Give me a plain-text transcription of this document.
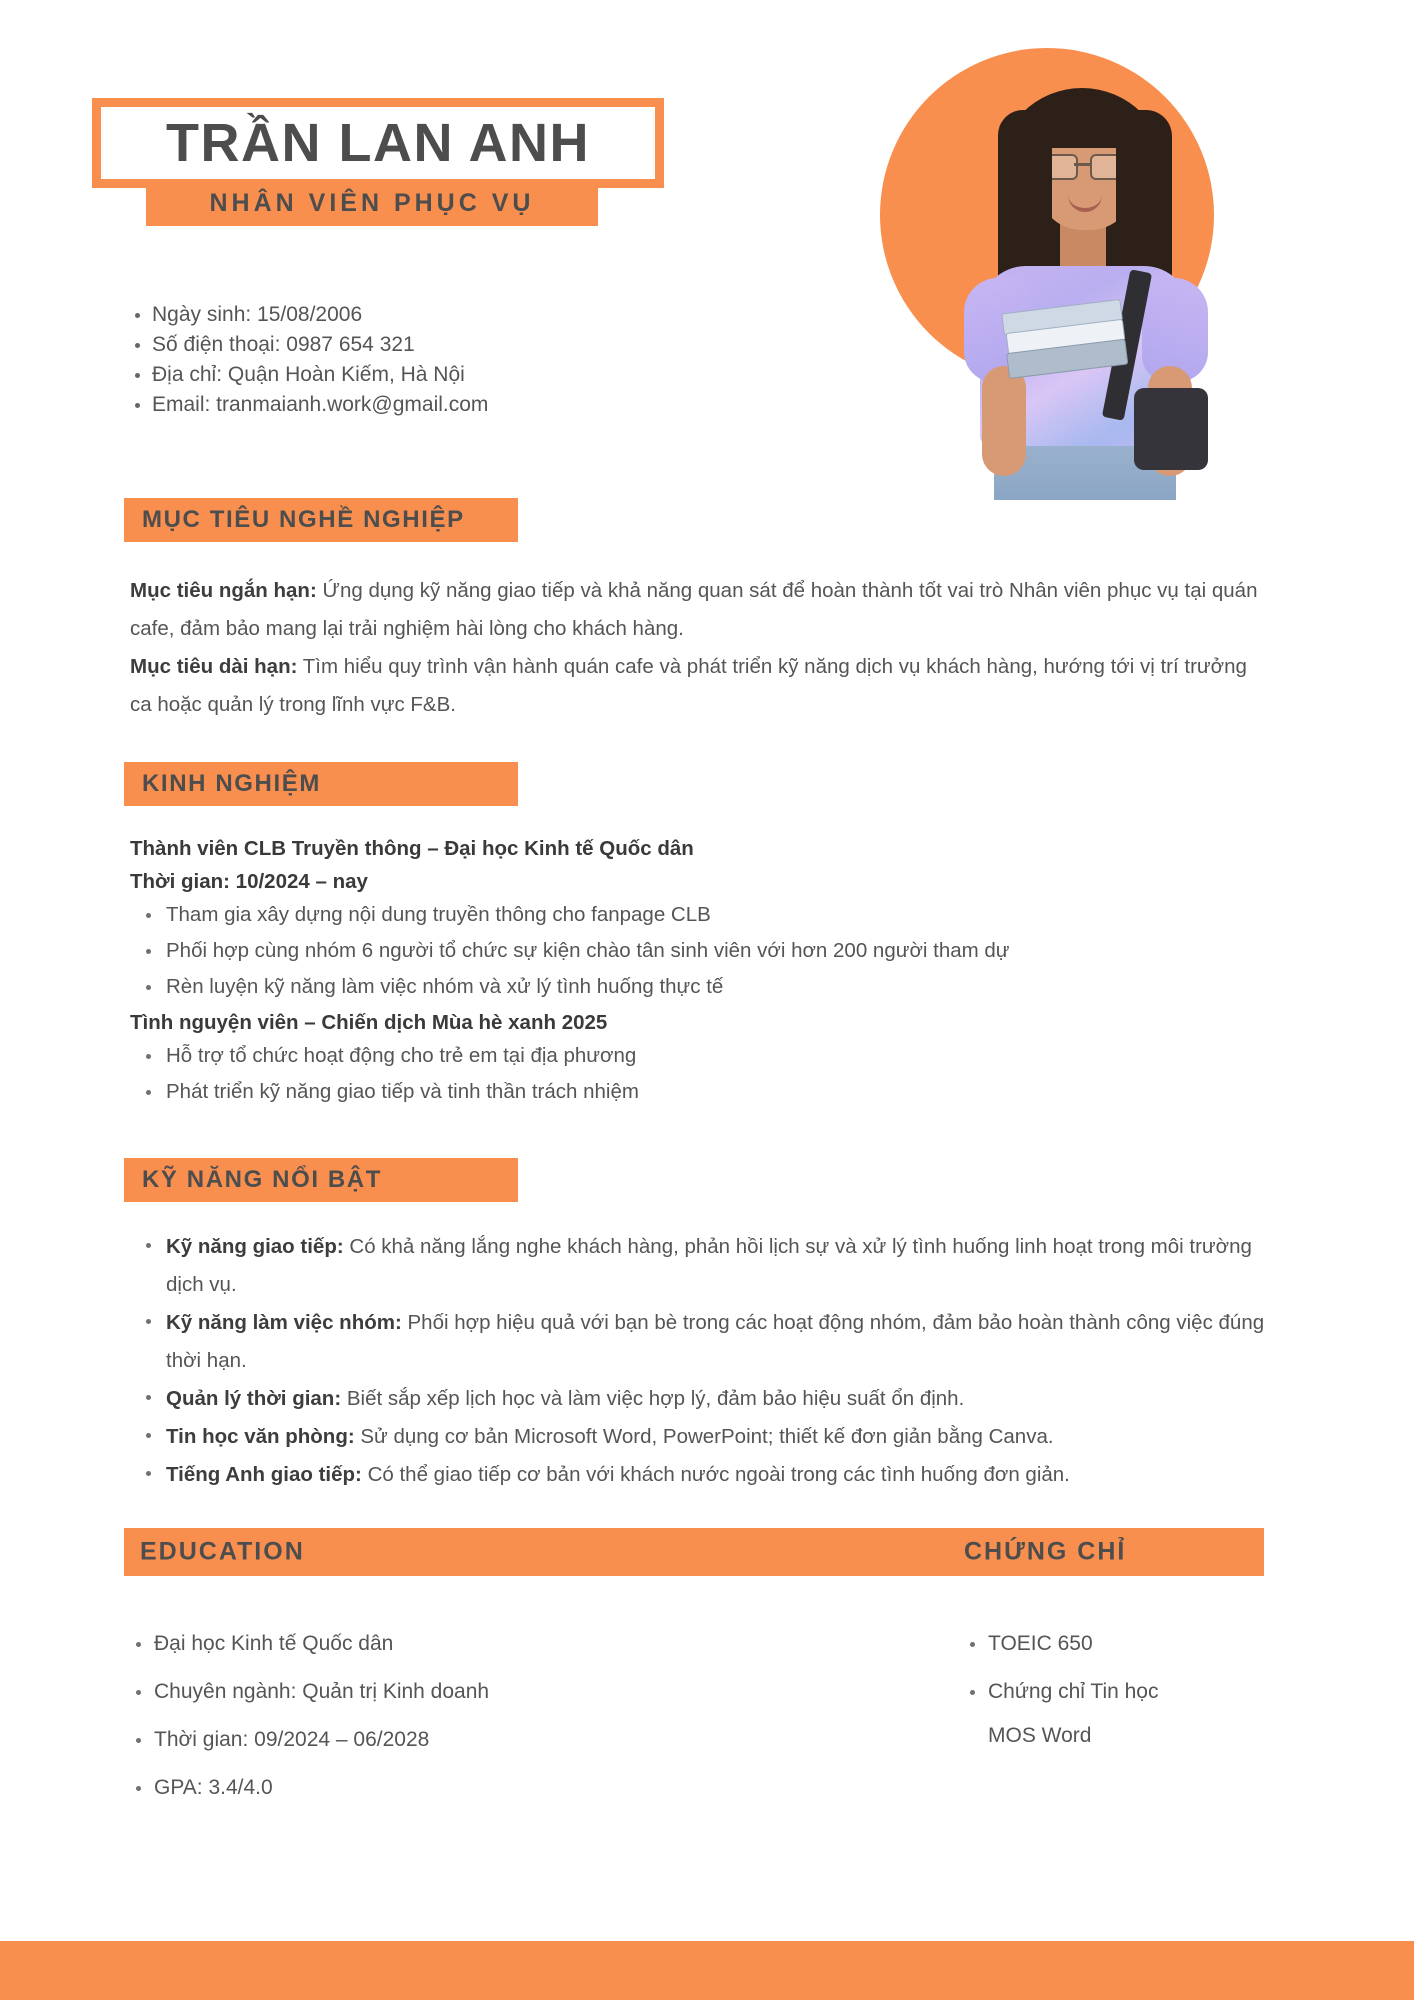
TRẦN LAN ANH
NHÂN VIÊN PHỤC VỤ
Ngày sinh: 15/08/2006
Số điện thoại: 0987 654 321
Địa chỉ: Quận Hoàn Kiếm, Hà Nội
Email: tranmaianh.work@gmail.com
MỤC TIÊU NGHỀ NGHIỆP

Mục tiêu ngắn hạn: Ứng dụng kỹ năng giao tiếp và khả năng quan sát để hoàn thành tốt vai trò Nhân viên phục vụ tại quán cafe, đảm bảo mang lại trải nghiệm hài lòng cho khách hàng.

Mục tiêu dài hạn: Tìm hiểu quy trình vận hành quán cafe và phát triển kỹ năng dịch vụ khách hàng, hướng tới vị trí trưởng ca hoặc quản lý trong lĩnh vực F&B.

KINH NGHIỆM

Thành viên CLB Truyền thông – Đại học Kinh tế Quốc dân

Thời gian: 10/2024 – nay

Tham gia xây dựng nội dung truyền thông cho fanpage CLB
Phối hợp cùng nhóm 6 người tổ chức sự kiện chào tân sinh viên với hơn 200 người tham dự
Rèn luyện kỹ năng làm việc nhóm và xử lý tình huống thực tế

Tình nguyện viên – Chiến dịch Mùa hè xanh 2025

Hỗ trợ tổ chức hoạt động cho trẻ em tại địa phương
Phát triển kỹ năng giao tiếp và tinh thần trách nhiệm
KỸ NĂNG NỔI BẬT
Kỹ năng giao tiếp: Có khả năng lắng nghe khách hàng, phản hồi lịch sự và xử lý tình huống linh hoạt trong môi trường dịch vụ.
Kỹ năng làm việc nhóm: Phối hợp hiệu quả với bạn bè trong các hoạt động nhóm, đảm bảo hoàn thành công việc đúng thời hạn.
Quản lý thời gian: Biết sắp xếp lịch học và làm việc hợp lý, đảm bảo hiệu suất ổn định.
Tin học văn phòng: Sử dụng cơ bản Microsoft Word, PowerPoint; thiết kế đơn giản bằng Canva.
Tiếng Anh giao tiếp: Có thể giao tiếp cơ bản với khách nước ngoài trong các tình huống đơn giản.
EDUCATION	CHỨNG CHỈ
Đại học Kinh tế Quốc dân
Chuyên ngành: Quản trị Kinh doanh
Thời gian: 09/2024 – 06/2028
GPA: 3.4/4.0
TOEIC 650
Chứng chỉ Tin học
MOS Word
